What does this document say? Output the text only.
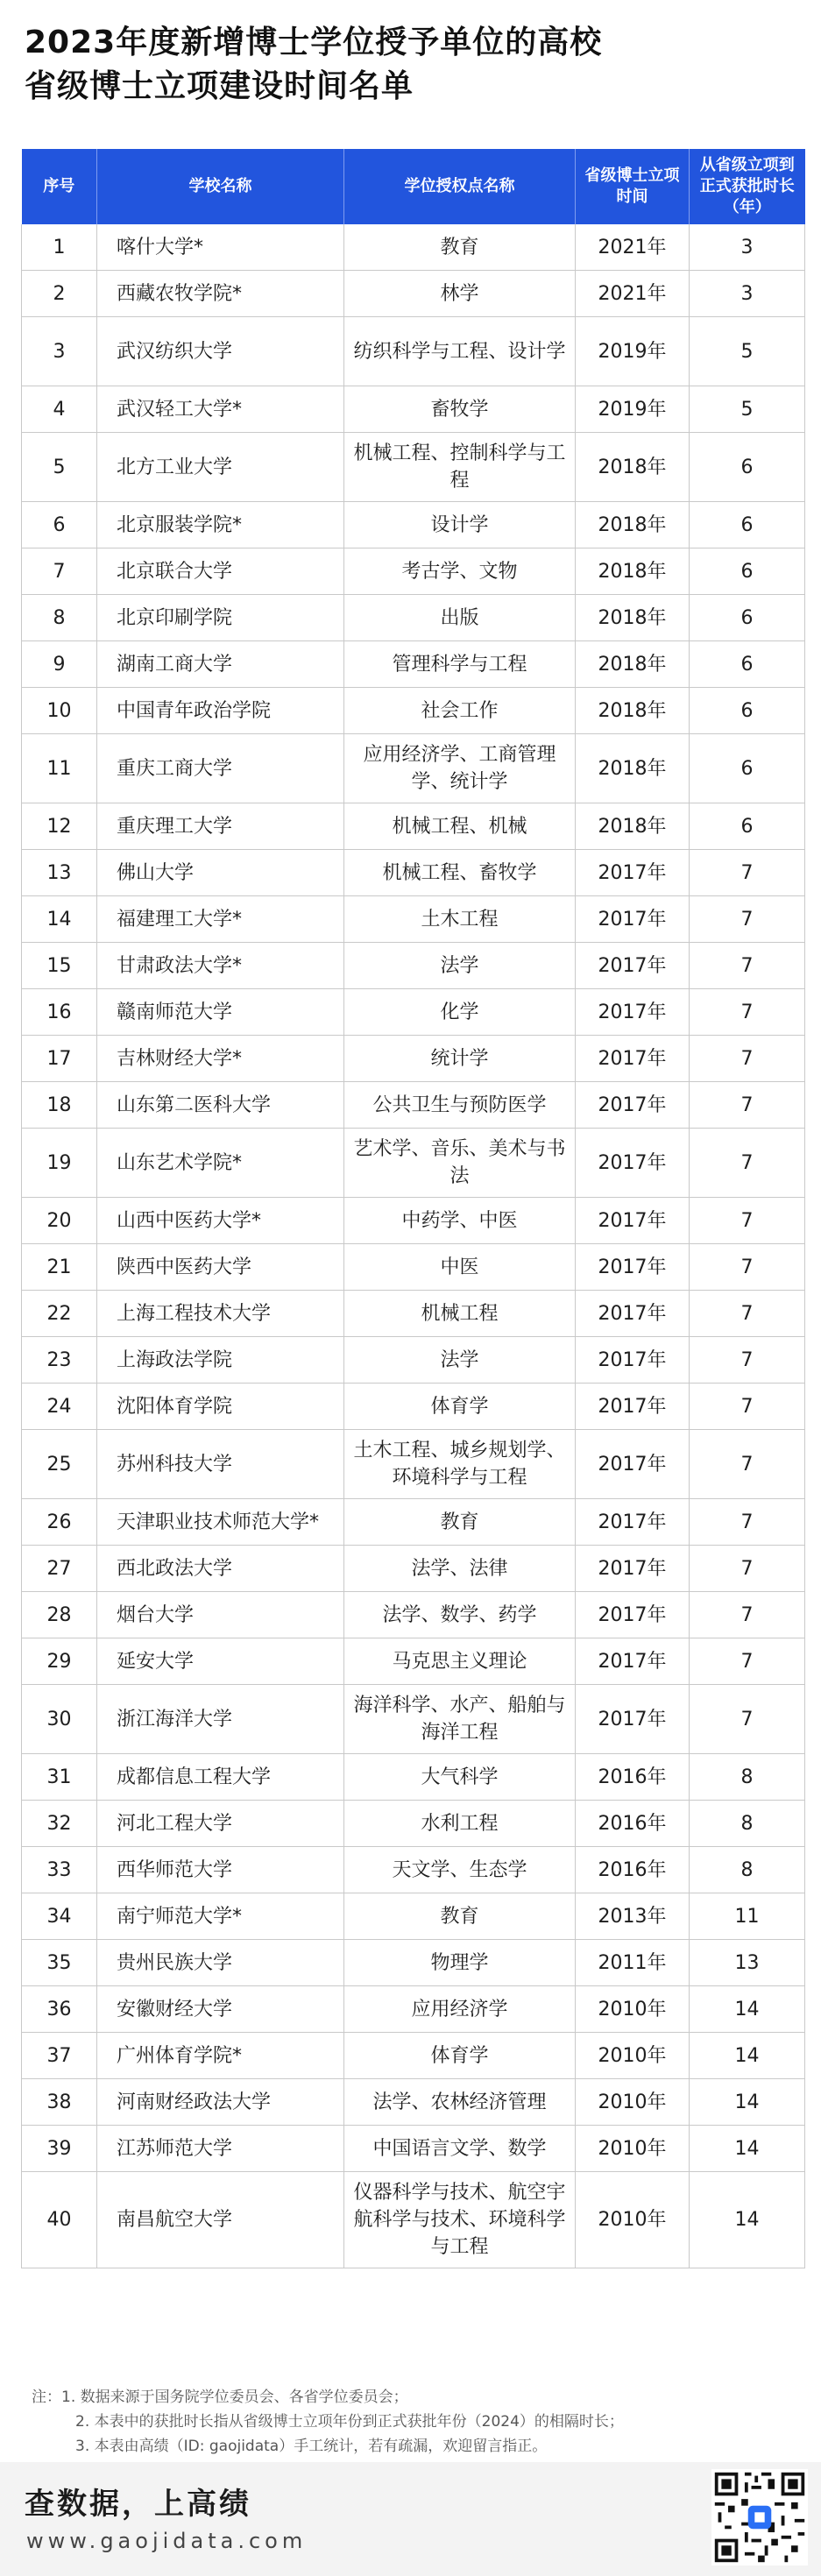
2023年度新增博士学位授予单位的高校
省级博士立项建设时间名单
序号	学校名称	学位授权点名称	省级博士立项时间	从省级立项到正式获批时长（年）
1	喀什大学*	教育	2021年	3
2	西藏农牧学院*	林学	2021年	3
3	武汉纺织大学	纺织科学与工程、设计学	2019年	5
4	武汉轻工大学*	畜牧学	2019年	5
5	北方工业大学	机械工程、控制科学与工程	2018年	6
6	北京服装学院*	设计学	2018年	6
7	北京联合大学	考古学、文物	2018年	6
8	北京印刷学院	出版	2018年	6
9	湖南工商大学	管理科学与工程	2018年	6
10	中国青年政治学院	社会工作	2018年	6
11	重庆工商大学	应用经济学、工商管理学、统计学	2018年	6
12	重庆理工大学	机械工程、机械	2018年	6
13	佛山大学	机械工程、畜牧学	2017年	7
14	福建理工大学*	土木工程	2017年	7
15	甘肃政法大学*	法学	2017年	7
16	赣南师范大学	化学	2017年	7
17	吉林财经大学*	统计学	2017年	7
18	山东第二医科大学	公共卫生与预防医学	2017年	7
19	山东艺术学院*	艺术学、音乐、美术与书法	2017年	7
20	山西中医药大学*	中药学、中医	2017年	7
21	陕西中医药大学	中医	2017年	7
22	上海工程技术大学	机械工程	2017年	7
23	上海政法学院	法学	2017年	7
24	沈阳体育学院	体育学	2017年	7
25	苏州科技大学	土木工程、城乡规划学、环境科学与工程	2017年	7
26	天津职业技术师范大学*	教育	2017年	7
27	西北政法大学	法学、法律	2017年	7
28	烟台大学	法学、数学、药学	2017年	7
29	延安大学	马克思主义理论	2017年	7
30	浙江海洋大学	海洋科学、水产、船舶与海洋工程	2017年	7
31	成都信息工程大学	大气科学	2016年	8
32	河北工程大学	水利工程	2016年	8
33	西华师范大学	天文学、生态学	2016年	8
34	南宁师范大学*	教育	2013年	11
35	贵州民族大学	物理学	2011年	13
36	安徽财经大学	应用经济学	2010年	14
37	广州体育学院*	体育学	2010年	14
38	河南财经政法大学	法学、农林经济管理	2010年	14
39	江苏师范大学	中国语言文学、数学	2010年	14
40	南昌航空大学	仪器科学与技术、航空宇航科学与技术、环境科学与工程	2010年	14
注：1. 数据来源于国务院学位委员会、各省学位委员会；
2. 本表中的获批时长指从省级博士立项年份到正式获批年份（2024）的相隔时长；
3. 本表由高绩（ID: gaojidata）手工统计，若有疏漏，欢迎留言指正。
查数据，上高绩
www.gaojidata.com
